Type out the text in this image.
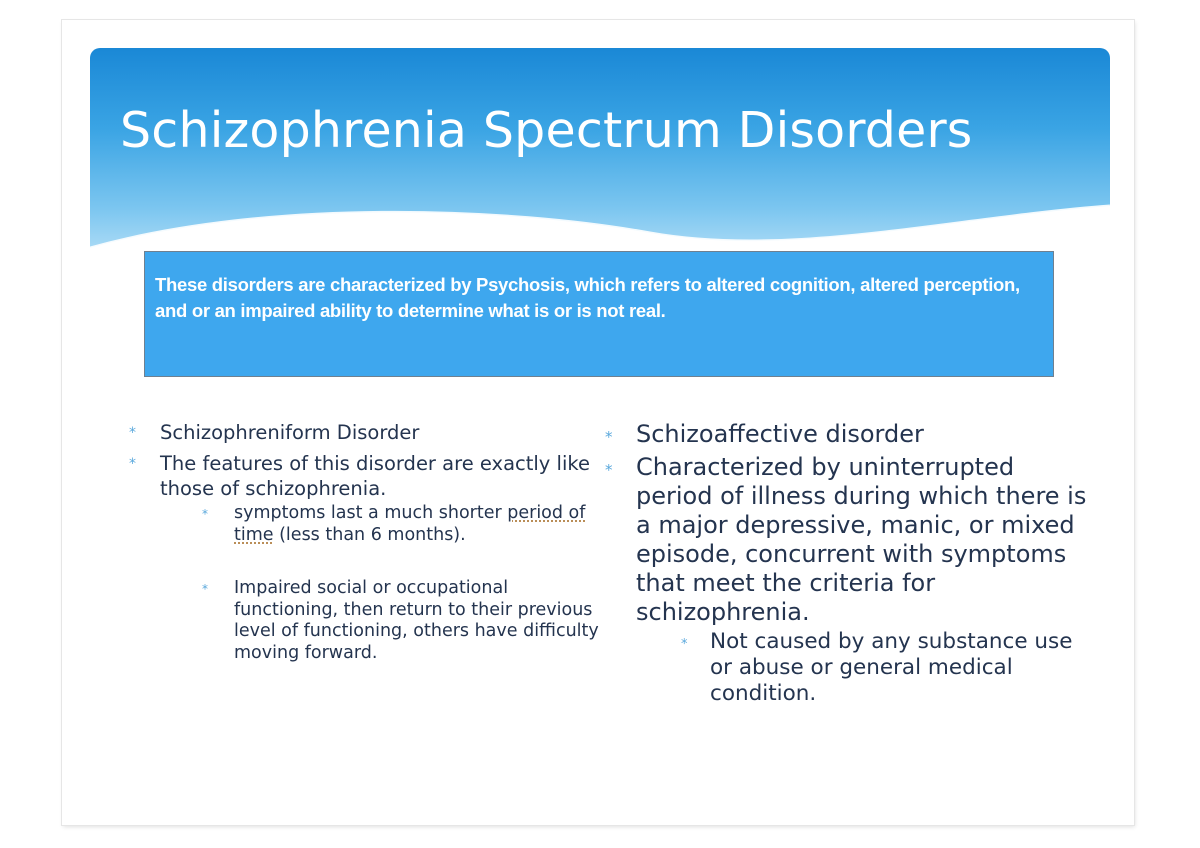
Schizophrenia Spectrum Disorders

These disorders are characterized by Psychosis, which refers to altered cognition, altered perception, and or an impaired ability to determine what is or is not real.

* Schizophreniform Disorder
* The features of this disorder are exactly like those of schizophrenia.
* symptoms last a much shorter period of time (less than 6 months).
* Impaired social or occupational functioning, then return to their previous level of functioning, others have difficulty moving forward.
* Schizoaffective disorder
* Characterized by uninterrupted period of illness during which there is a major depressive, manic, or mixed episode, concurrent with symptoms that meet the criteria for schizophrenia.
* Not caused by any substance use or abuse or general medical condition.
